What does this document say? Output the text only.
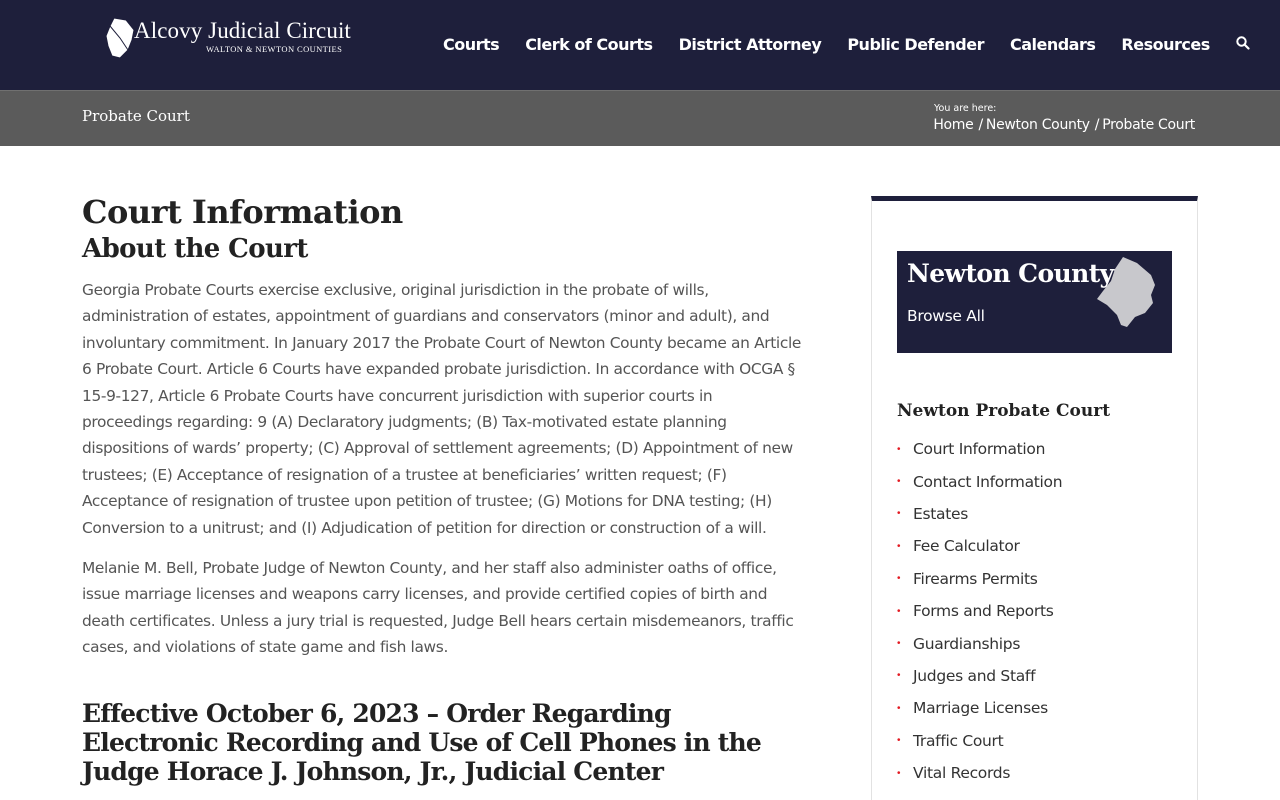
Alcovy Judicial Circuit
WALTON & NEWTON COUNTIES	Courts Clerk of Courts District Attorney Public Defender Calendars Resources
Probate Court	You are here:
Home / Newton County / Probate Court
Court Information
About the Court

Georgia Probate Courts exercise exclusive, original jurisdiction in the probate of wills, administration of estates, appointment of guardians and conservators (minor and adult), and involuntary commitment. In January 2017 the Probate Court of Newton County became an Article 6 Probate Court. Article 6 Courts have expanded probate jurisdiction. In accordance with OCGA § 15-9-127, Article 6 Probate Courts have concurrent jurisdiction with superior courts in proceedings regarding: 9 (A) Declaratory judgments; (B) Tax-motivated estate planning dispositions of wards’ property; (C) Approval of settlement agreements; (D) Appointment of new trustees; (E) Acceptance of resignation of a trustee at beneficiaries’ written request; (F) Acceptance of resignation of trustee upon petition of trustee; (G) Motions for DNA testing; (H) Conversion to a unitrust; and (I) Adjudication of petition for direction or construction of a will.

Melanie M. Bell, Probate Judge of Newton County, and her staff also administer oaths of office, issue marriage licenses and weapons carry licenses, and provide certified copies of birth and death certificates. Unless a jury trial is requested, Judge Bell hears certain misdemeanors, traffic cases, and violations of state game and fish laws.

Effective October 6, 2023 – Order Regarding Electronic Recording and Use of Cell Phones in the Judge Horace J. Johnson, Jr., Judicial Center
Newton County
Browse All
Newton Probate Court
• Court Information
• Contact Information
• Estates
• Fee Calculator
• Firearms Permits
• Forms and Reports
• Guardianships
• Judges and Staff
• Marriage Licenses
• Traffic Court
• Vital Records
